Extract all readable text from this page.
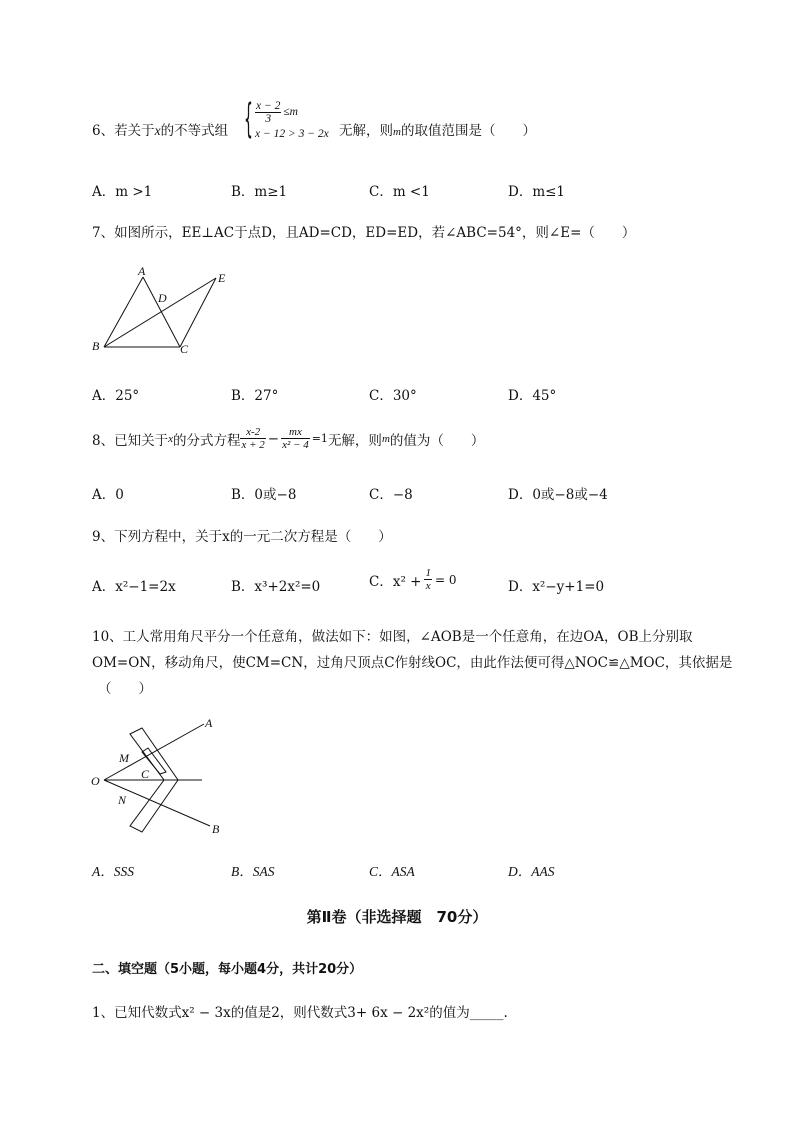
6、若关于x的不等式组 { $\frac{x - 2}{3} \le m$
x − 12 > 3 − 2x 无解，则m的取值范围是（　　）
A．m >1	B．m≥1	C．m <1	D．m≤1
7、如图所示，EE⊥AC于点D，且AD=CD，ED=ED，若∠ABC=54°，则∠E=（　　）
A
B	C
D
E
A．25°	B．27°	C．30°	D．45°
8、已知关于 x 的分式方程 $\frac{x-2}{x + 2} - \frac{mx}{\text{x² − 4}} =1$ 无解，则 m 的值为（　　）
A．0	B．0或−8	C．−8	D．0或−8或−4
9、下列方程中，关于x的一元二次方程是（　　）
A．x²−1=2x	B．x³+2x²=0	C．$x^2 + \frac{1}{x} = 0$	D．x²−y+1=0
10、工人常用角尺平分一个任意角，做法如下：如图，∠AOB是一个任意角，在边OA，OB上分别取
OM=ON，移动角尺，使CM=CN，过角尺顶点C作射线OC，由此作法便可得△NOC≌△MOC，其依据是
（　　）
A
B
O
M
N
C
A．SSS	B．SAS	C．ASA	D．AAS
第Ⅱ卷（非选择题　70分）
二、填空题（5小题，每小题4分，共计20分）
1、已知代数式x² − 3x的值是2，则代数式3+ 6x − 2x²的值为_____.
